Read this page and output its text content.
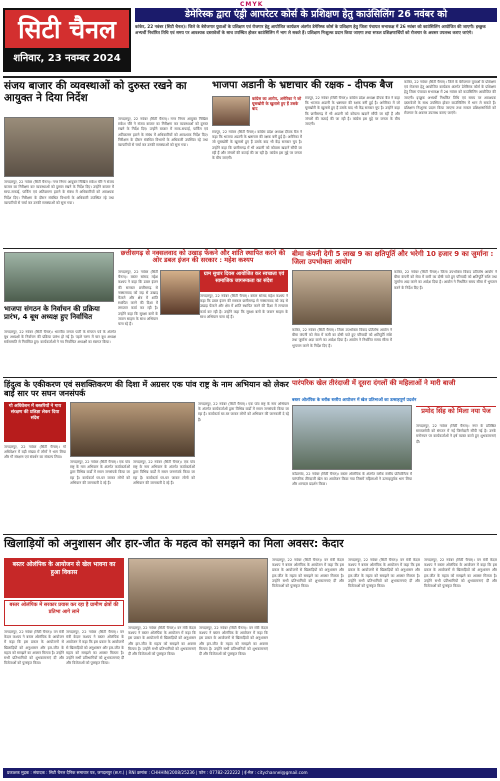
CMYK
सिटी चैनल
शनिवार, 23 नवम्बर 2024
डेमेरिस्क द्वारा एंड्री आपरेटर कोर्स के प्रशिक्षण हेतु काउंसिलिंग 26 नवंबर को
कांकेर, 22 नवंबर (सिटी चैनल)। जिले के बेरोजगार युवाओं के प्रशिक्षण एवं रोजगार हेतु आयोजित कार्यक्रम अंतर्गत डेमेरिस्क कोर्स के प्रशिक्षण हेतु जिला पंचायत सभाकक्ष में 26 नवंबर को काउंसिलिंग आयोजित की जाएगी। इच्छुक अभ्यर्थी निर्धारित तिथि एवं समय पर आवश्यक दस्तावेजों के साथ उपस्थित होकर काउंसिलिंग में भाग ले सकते हैं। प्रशिक्षण निःशुल्क प्रदान किया जाएगा तथा सफल प्रशिक्षणार्थियों को रोजगार के अवसर उपलब्ध कराए जाएंगे।
संजय बाजार की व्यवस्थाओं को दुरुस्त रखने का आयुक्त ने दिया निर्देश
जगदलपुर, 22 नवंबर (सिटी चैनल)। नगर निगम आयुक्त निखिल राकेश चौरे ने संजय बाजार का निरीक्षण कर व्यवस्थाओं को दुरुस्त रखने के निर्देश दिए। उन्होंने बाजार में साफ-सफाई, पार्किंग एवं अतिक्रमण हटाने के संबंध में अधिकारियों को आवश्यक निर्देश दिए। निरीक्षण के दौरान संबंधित विभागों के अधिकारी उपस्थित रहे तथा व्यापारियों से चर्चा कर उनकी समस्याओं को सुना गया।
जगदलपुर, 22 नवंबर (सिटी चैनल)। नगर निगम आयुक्त निखिल राकेश चौरे ने संजय बाजार का निरीक्षण कर व्यवस्थाओं को दुरुस्त रखने के निर्देश दिए। उन्होंने बाजार में साफ-सफाई, पार्किंग एवं अतिक्रमण हटाने के संबंध में अधिकारियों को आवश्यक निर्देश दिए। निरीक्षण के दौरान संबंधित विभागों के अधिकारी उपस्थित रहे तथा व्यापारियों से चर्चा कर उनकी समस्याओं को सुना गया।
भाजपा अडानी के भ्रष्टाचार की रक्षक - दीपक बैज
कांग्रेस का आरोप, अमेरिका ने जो घूसखोरी के खुलासे हुए हैं उसके बाद
रायपुर, 22 नवंबर (सिटी चैनल)। कांग्रेस प्रदेश अध्यक्ष दीपक बैज ने कहा कि भाजपा अडानी के भ्रष्टाचार की रक्षक बनी हुई है। अमेरिका में जो घूसखोरी के खुलासे हुए हैं उसके बाद भी केंद्र सरकार चुप है। उन्होंने कहा कि छत्तीसगढ़ में भी अडानी को कोयला खदानें सौंपी जा रही हैं और जंगलों की कटाई की जा रही है। कांग्रेस इस मुद्दे पर जनता के बीच जाएगी।
रायपुर, 22 नवंबर (सिटी चैनल)। कांग्रेस प्रदेश अध्यक्ष दीपक बैज ने कहा कि भाजपा अडानी के भ्रष्टाचार की रक्षक बनी हुई है। अमेरिका में जो घूसखोरी के खुलासे हुए हैं उसके बाद भी केंद्र सरकार चुप है। उन्होंने कहा कि छत्तीसगढ़ में भी अडानी को कोयला खदानें सौंपी जा रही हैं और जंगलों की कटाई की जा रही है। कांग्रेस इस मुद्दे पर जनता के बीच जाएगी।
कांकेर, 22 नवंबर (सिटी चैनल)। जिले के बेरोजगार युवाओं के प्रशिक्षण एवं रोजगार हेतु आयोजित कार्यक्रम अंतर्गत डेमेरिस्क कोर्स के प्रशिक्षण हेतु जिला पंचायत सभाकक्ष में 26 नवंबर को काउंसिलिंग आयोजित की जाएगी। इच्छुक अभ्यर्थी निर्धारित तिथि एवं समय पर आवश्यक दस्तावेजों के साथ उपस्थित होकर काउंसिलिंग में भाग ले सकते हैं। प्रशिक्षण निःशुल्क प्रदान किया जाएगा तथा सफल प्रशिक्षणार्थियों को रोजगार के अवसर उपलब्ध कराए जाएंगे।
छत्तीसगढ़ से नक्सलवाद को उखाड़ फेंकने और शांति स्थापित करने की ओर डबल इंजन की सरकार : महेश कश्यप
जगदलपुर, 22 नवंबर (सिटी चैनल)। बस्तर सांसद महेश कश्यप ने कहा कि डबल इंजन की सरकार छत्तीसगढ़ से नक्सलवाद को जड़ से उखाड़ फेंकने और क्षेत्र में शांति स्थापित करने की दिशा में लगातार कार्य कर रही है। उन्होंने कहा कि सुरक्षा बलों के जवान साहस के साथ अभियान चला रहे हैं।
ग्राम सुधार दिवस आयोजित कर स्वच्छता एवं सामाजिक जागरूकता का संदेश
जगदलपुर, 22 नवंबर (सिटी चैनल)। बस्तर सांसद महेश कश्यप ने कहा कि डबल इंजन की सरकार छत्तीसगढ़ से नक्सलवाद को जड़ से उखाड़ फेंकने और क्षेत्र में शांति स्थापित करने की दिशा में लगातार कार्य कर रही है। उन्होंने कहा कि सुरक्षा बलों के जवान साहस के साथ अभियान चला रहे हैं।
भाजपा संगठन के निर्वाचन की प्रक्रिया प्रारंभ, 4 बूथ अध्यक्ष हुए निर्वाचित
जगदलपुर, 22 नवंबर (सिटी चैनल)। भारतीय जनता पार्टी के संगठन पर्व के अंतर्गत बूथ अध्यक्षों के निर्वाचन की प्रक्रिया प्रारंभ हो गई है। पहले चरण में चार बूथ अध्यक्ष सर्वसम्मति से निर्वाचित हुए। कार्यकर्ताओं ने नव निर्वाचित अध्यक्षों का स्वागत किया।
बीमा कंपनी देगी 5 लाख 9 का क्षतिपूर्ति और भरेगी 10 हजार 9 का जुर्माना : जिला उपभोक्ता आयोग
कांकेर, 22 नवंबर (सिटी चैनल)। जिला उपभोक्ता विवाद प्रतितोष आयोग ने बीमा कंपनी को सेवा में कमी का दोषी पाते हुए परिवादी को क्षतिपूर्ति राशि तथा जुर्माना अदा करने का आदेश दिया है। आयोग ने निर्धारित समय सीमा में भुगतान करने के निर्देश दिए हैं।
कांकेर, 22 नवंबर (सिटी चैनल)। जिला उपभोक्ता विवाद प्रतितोष आयोग ने बीमा कंपनी को सेवा में कमी का दोषी पाते हुए परिवादी को क्षतिपूर्ति राशि तथा जुर्माना अदा करने का आदेश दिया है। आयोग ने निर्धारित समय सीमा में भुगतान करने के निर्देश दिए हैं।
हिंदुत्व के एकीकरण एवं सशक्तिकरण की दिशा में अग्रसर एक पांव राष्ट्र के नाम अभियान को लेकर बाईं सार पर सघन जनसंपर्क
गो अधिवेशन में बस्तरियों ने गाय संरक्षण की प्रतिज्ञा लेकर दिया संदेश
जगदलपुर, 22 नवंबर (सिटी चैनल)। गो अधिवेशन में बड़ी संख्या में लोगों ने भाग लिया और गौ संरक्षण एवं संवर्धन का संकल्प लिया।
जगदलपुर, 22 नवंबर (सिटी चैनल)। एक पांव राष्ट्र के नाम अभियान के अंतर्गत कार्यकर्ताओं द्वारा विभिन्न वार्डों में सघन जनसंपर्क किया जा रहा है। कार्यकर्ता घर-घर जाकर लोगों को अभियान की जानकारी दे रहे हैं।
जगदलपुर, 22 नवंबर (सिटी चैनल)। एक पांव राष्ट्र के नाम अभियान के अंतर्गत कार्यकर्ताओं द्वारा विभिन्न वार्डों में सघन जनसंपर्क किया जा रहा है। कार्यकर्ता घर-घर जाकर लोगों को अभियान की जानकारी दे रहे हैं।
जगदलपुर, 22 नवंबर (सिटी चैनल)। एक पांव राष्ट्र के नाम अभियान के अंतर्गत कार्यकर्ताओं द्वारा विभिन्न वार्डों में सघन जनसंपर्क किया जा रहा है। कार्यकर्ता घर-घर जाकर लोगों को अभियान की जानकारी दे रहे हैं।
पारंपरिक खेल तीरंदाजी में दूसरा दंगलों की महिलाओं ने मारी बाजी
बस्तर ओलंपिक के ब्लॉक स्तरीय आयोजन में खेल प्रतिभाओं का उत्साहपूर्ण प्रदर्शन
कोंडागांव, 22 नवंबर (सिटी चैनल)। बस्तर ओलंपिक के अंतर्गत ब्लॉक स्तरीय प्रतियोगिता में पारंपरिक तीरंदाजी खेल का आयोजन किया गया जिसमें महिलाओं ने उत्साहपूर्वक भाग लिया और शानदार प्रदर्शन किया।
प्रमोद सिंह को मिला नया पेज
जगदलपुर, 22 नवंबर (सिटी चैनल)। नगर के प्रतिष्ठित समाजसेवी को संगठन में नई जिम्मेदारी सौंपी गई है। उनके मनोनयन पर कार्यकर्ताओं ने हर्ष व्यक्त करते हुए शुभकामनाएं दीं।
खिलाड़ियों को अनुशासन और हार-जीत के महत्व को समझने का मिला अवसर: केदार
बस्तर ओलंपिक के आयोजन से खेल भावना का हुआ विकास
बस्तर ओलंपिक में सरकार प्रयास कर रहा है ग्रामीण क्षेत्रों की प्रतिभा आगे लाने
जगदलपुर, 22 नवंबर (सिटी चैनल)। वन मंत्री केदार कश्यप ने बस्तर ओलंपिक के आयोजन में कहा कि इस प्रकार के आयोजनों से खिलाड़ियों को अनुशासन और हार-जीत के महत्व को समझने का अवसर मिलता है। उन्होंने सभी प्रतिभागियों को शुभकामनाएं दीं और विजेताओं को पुरस्कृत किया।
जगदलपुर, 22 नवंबर (सिटी चैनल)। वन मंत्री केदार कश्यप ने बस्तर ओलंपिक के आयोजन में कहा कि इस प्रकार के आयोजनों से खिलाड़ियों को अनुशासन और हार-जीत के महत्व को समझने का अवसर मिलता है। उन्होंने सभी प्रतिभागियों को शुभकामनाएं दीं और विजेताओं को पुरस्कृत किया।
जगदलपुर, 22 नवंबर (सिटी चैनल)। वन मंत्री केदार कश्यप ने बस्तर ओलंपिक के आयोजन में कहा कि इस प्रकार के आयोजनों से खिलाड़ियों को अनुशासन और हार-जीत के महत्व को समझने का अवसर मिलता है। उन्होंने सभी प्रतिभागियों को शुभकामनाएं दीं और विजेताओं को पुरस्कृत किया।
जगदलपुर, 22 नवंबर (सिटी चैनल)। वन मंत्री केदार कश्यप ने बस्तर ओलंपिक के आयोजन में कहा कि इस प्रकार के आयोजनों से खिलाड़ियों को अनुशासन और हार-जीत के महत्व को समझने का अवसर मिलता है। उन्होंने सभी प्रतिभागियों को शुभकामनाएं दीं और विजेताओं को पुरस्कृत किया।
जगदलपुर, 22 नवंबर (सिटी चैनल)। वन मंत्री केदार कश्यप ने बस्तर ओलंपिक के आयोजन में कहा कि इस प्रकार के आयोजनों से खिलाड़ियों को अनुशासन और हार-जीत के महत्व को समझने का अवसर मिलता है। उन्होंने सभी प्रतिभागियों को शुभकामनाएं दीं और विजेताओं को पुरस्कृत किया।
जगदलपुर, 22 नवंबर (सिटी चैनल)। वन मंत्री केदार कश्यप ने बस्तर ओलंपिक के आयोजन में कहा कि इस प्रकार के आयोजनों से खिलाड़ियों को अनुशासन और हार-जीत के महत्व को समझने का अवसर मिलता है। उन्होंने सभी प्रतिभागियों को शुभकामनाएं दीं और विजेताओं को पुरस्कृत किया।
जगदलपुर, 22 नवंबर (सिटी चैनल)। वन मंत्री केदार कश्यप ने बस्तर ओलंपिक के आयोजन में कहा कि इस प्रकार के आयोजनों से खिलाड़ियों को अनुशासन और हार-जीत के महत्व को समझने का अवसर मिलता है। उन्होंने सभी प्रतिभागियों को शुभकामनाएं दीं और विजेताओं को पुरस्कृत किया।
प्रकाशक मुद्रक : संपादक : सिटी चैनल दैनिक समाचार पत्र, जगदलपुर (छ.ग.) | RNI क्रमांक : CHHHIN/2008/25236 | फोन : 07782-222222 | ई-मेल : citychannel@gmail.com
